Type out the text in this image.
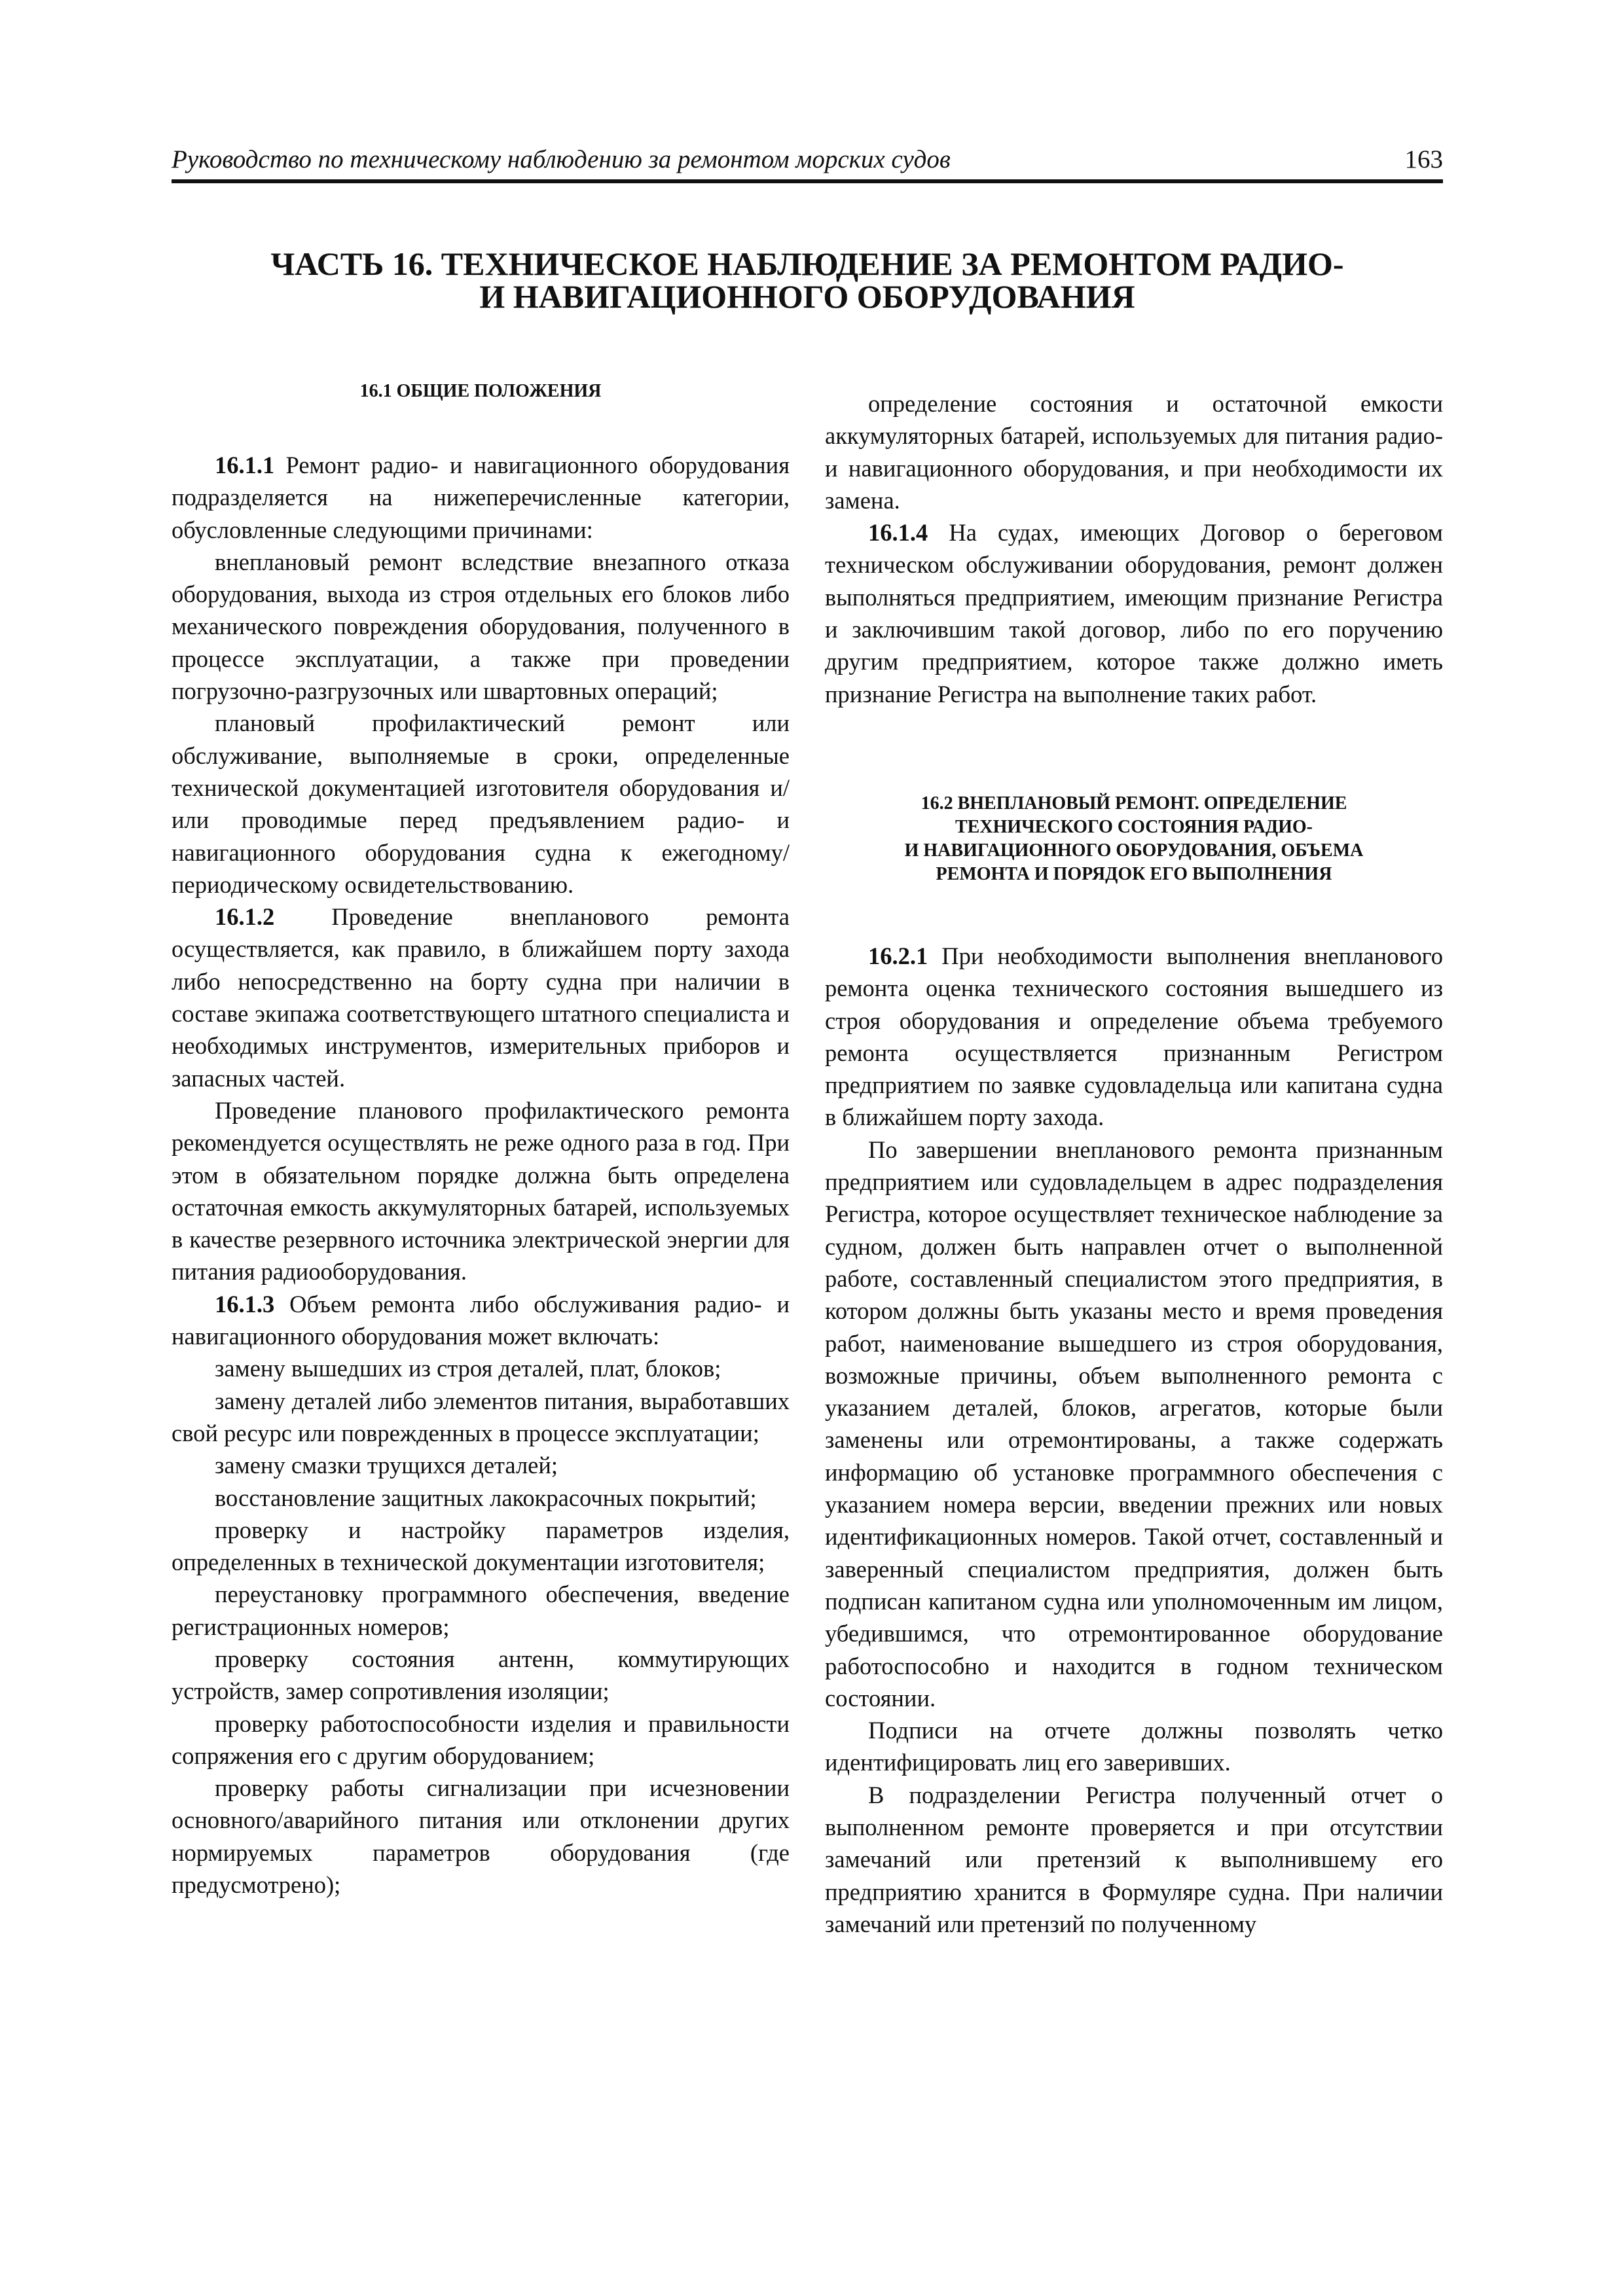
Руководство по техническому наблюдению за ремонтом морских судов	163
ЧАСТЬ 16. ТЕХНИЧЕСКОЕ НАБЛЮДЕНИЕ ЗА РЕМОНТОМ РАДИО-
И НАВИГАЦИОННОГО ОБОРУДОВАНИЯ
16.1 ОБЩИЕ ПОЛОЖЕНИЯ

16.1.1 Ремонт радио- и навигационного оборудования подразделяется на нижеперечисленные категории, обусловленные следующими причинами:

внеплановый ремонт вследствие внезапного отказа оборудования, выхода из строя отдельных его блоков либо механического повреждения оборудования, полученного в процессе эксплуатации, а также при проведении погрузочно-разгрузочных или швартовных операций;

плановый профилактический ремонт или обслуживание, выполняемые в сроки, определенные технической документацией изготовителя оборудования и/или проводимые перед предъявлением радио- и навигационного оборудования судна к ежегодному/периодическому освидетельствованию.

16.1.2 Проведение внепланового ремонта осуществляется, как правило, в ближайшем порту захода либо непосредственно на борту судна при наличии в составе экипажа соответствующего штатного специалиста и необходимых инструментов, измерительных приборов и запасных частей.

Проведение планового профилактического ремонта рекомендуется осуществлять не реже одного раза в год. При этом в обязательном порядке должна быть определена остаточная емкость аккумуляторных батарей, используемых в качестве резервного источника электрической энергии для питания радиооборудования.

16.1.3 Объем ремонта либо обслуживания радио- и навигационного оборудования может включать:

замену вышедших из строя деталей, плат, блоков;

замену деталей либо элементов питания, выработавших свой ресурс или поврежденных в процессе эксплуатации;

замену смазки трущихся деталей;

восстановление защитных лакокрасочных покрытий;

проверку и настройку параметров изделия, определенных в технической документации изготовителя;

переустановку программного обеспечения, введение регистрационных номеров;

проверку состояния антенн, коммутирующих устройств, замер сопротивления изоляции;

проверку работоспособности изделия и правильности сопряжения его с другим оборудованием;

проверку работы сигнализации при исчезновении основного/аварийного питания или отклонении других нормируемых параметров оборудования (где предусмотрено);

определение состояния и остаточной емкости аккумуляторных батарей, используемых для питания радио- и навигационного оборудования, и при необходимости их замена.

16.1.4 На судах, имеющих Договор о береговом техническом обслуживании оборудования, ремонт должен выполняться предприятием, имеющим признание Регистра и заключившим такой договор, либо по его поручению другим предприятием, которое также должно иметь признание Регистра на выполнение таких работ.

16.2 ВНЕПЛАНОВЫЙ РЕМОНТ. ОПРЕДЕЛЕНИЕ
ТЕХНИЧЕСКОГО СОСТОЯНИЯ РАДИО-
И НАВИГАЦИОННОГО ОБОРУДОВАНИЯ, ОБЪЕМА
РЕМОНТА И ПОРЯДОК ЕГО ВЫПОЛНЕНИЯ

16.2.1 При необходимости выполнения внепланового ремонта оценка технического состояния вышедшего из строя оборудования и определение объема требуемого ремонта осуществляется признанным Регистром предприятием по заявке судовладельца или капитана судна в ближайшем порту захода.

По завершении внепланового ремонта признанным предприятием или судовладельцем в адрес подразделения Регистра, которое осуществляет техническое наблюдение за судном, должен быть направлен отчет о выполненной работе, составленный специалистом этого предприятия, в котором должны быть указаны место и время проведения работ, наименование вышедшего из строя оборудования, возможные причины, объем выполненного ремонта с указанием деталей, блоков, агрегатов, которые были заменены или отремонтированы, а также содержать информацию об установке программного обеспечения с указанием номера версии, введении прежних или новых идентификационных номеров. Такой отчет, составленный и заверенный специалистом предприятия, должен быть подписан капитаном судна или уполномоченным им лицом, убедившимся, что отремонтированное оборудование работоспособно и находится в годном техническом состоянии.

Подписи на отчете должны позволять четко идентифицировать лиц его заверивших.

В подразделении Регистра полученный отчет о выполненном ремонте проверяется и при отсутствии замечаний или претензий к выполнившему его предприятию хранится в Формуляре судна. При наличии замечаний или претензий по полученному
